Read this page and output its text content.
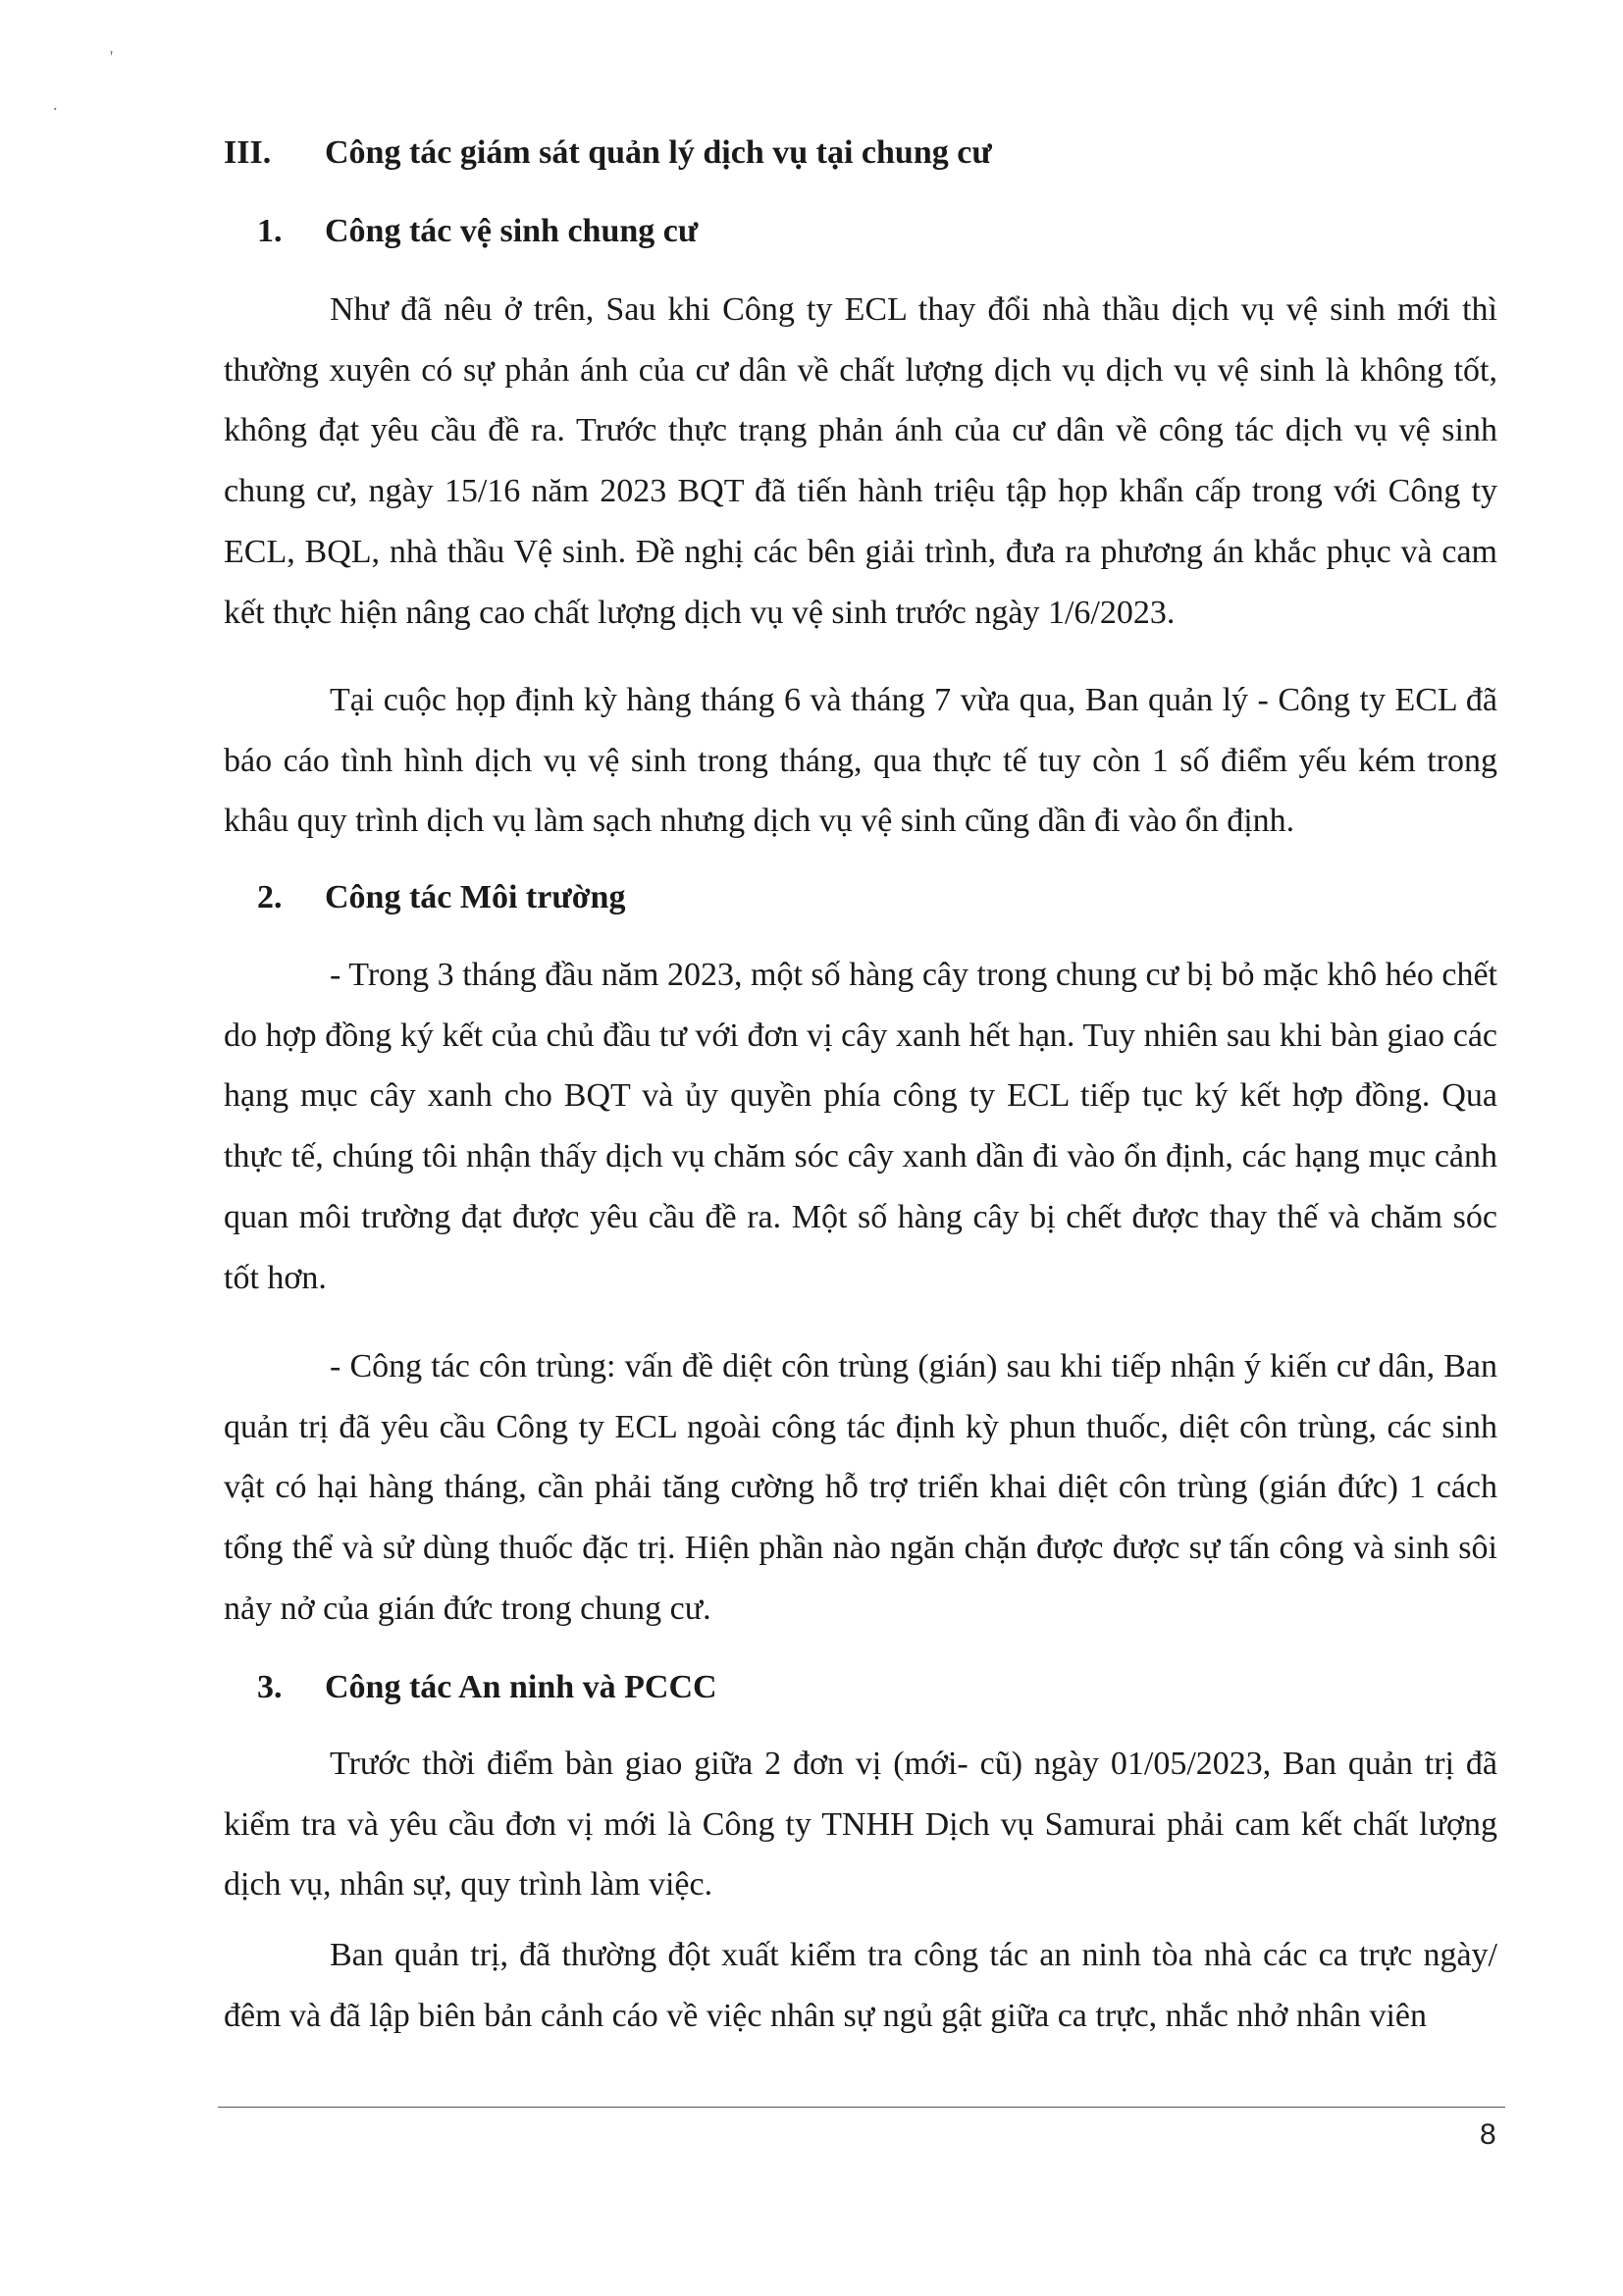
'
.
III. Công tác giám sát quản lý dịch vụ tại chung cư
1. Công tác vệ sinh chung cư

Như đã nêu ở trên, Sau khi Công ty ECL thay đổi nhà thầu dịch vụ vệ sinh mới thì thường xuyên có sự phản ánh của cư dân về chất lượng dịch vụ dịch vụ vệ sinh là không tốt, không đạt yêu cầu đề ra. Trước thực trạng phản ánh của cư dân về công tác dịch vụ vệ sinh chung cư, ngày 15/16 năm 2023 BQT đã tiến hành triệu tập họp khẩn cấp trong với Công ty ECL, BQL, nhà thầu Vệ sinh. Đề nghị các bên giải trình, đưa ra phương án khắc phục và cam kết thực hiện nâng cao chất lượng dịch vụ vệ sinh trước ngày 1/6/2023.

Tại cuộc họp định kỳ hàng tháng 6 và tháng 7 vừa qua, Ban quản lý - Công ty ECL đã báo cáo tình hình dịch vụ vệ sinh trong tháng, qua thực tế tuy còn 1 số điểm yếu kém trong khâu quy trình dịch vụ làm sạch nhưng dịch vụ vệ sinh cũng dần đi vào ổn định.

2. Công tác Môi trường

- Trong 3 tháng đầu năm 2023, một số hàng cây trong chung cư bị bỏ mặc khô héo chết do hợp đồng ký kết của chủ đầu tư với đơn vị cây xanh hết hạn. Tuy nhiên sau khi bàn giao các hạng mục cây xanh cho BQT và ủy quyền phía công ty ECL tiếp tục ký kết hợp đồng. Qua thực tế, chúng tôi nhận thấy dịch vụ chăm sóc cây xanh dần đi vào ổn định, các hạng mục cảnh quan môi trường đạt được yêu cầu đề ra. Một số hàng cây bị chết được thay thế và chăm sóc tốt hơn.

- Công tác côn trùng: vấn đề diệt côn trùng (gián) sau khi tiếp nhận ý kiến cư dân, Ban quản trị đã yêu cầu Công ty ECL ngoài công tác định kỳ phun thuốc, diệt côn trùng, các sinh vật có hại hàng tháng, cần phải tăng cường hỗ trợ triển khai diệt côn trùng (gián đức) 1 cách tổng thể và sử dùng thuốc đặc trị. Hiện phần nào ngăn chặn được được sự tấn công và sinh sôi nảy nở của gián đức trong chung cư.

3. Công tác An ninh và PCCC

Trước thời điểm bàn giao giữa 2 đơn vị (mới- cũ) ngày 01/05/2023, Ban quản trị đã kiểm tra và yêu cầu đơn vị mới là Công ty TNHH Dịch vụ Samurai phải cam kết chất lượng dịch vụ, nhân sự, quy trình làm việc.

Ban quản trị, đã thường đột xuất kiểm tra công tác an ninh tòa nhà các ca trực ngày/ đêm và đã lập biên bản cảnh cáo về việc nhân sự ngủ gật giữa ca trực, nhắc nhở nhân viên

8
